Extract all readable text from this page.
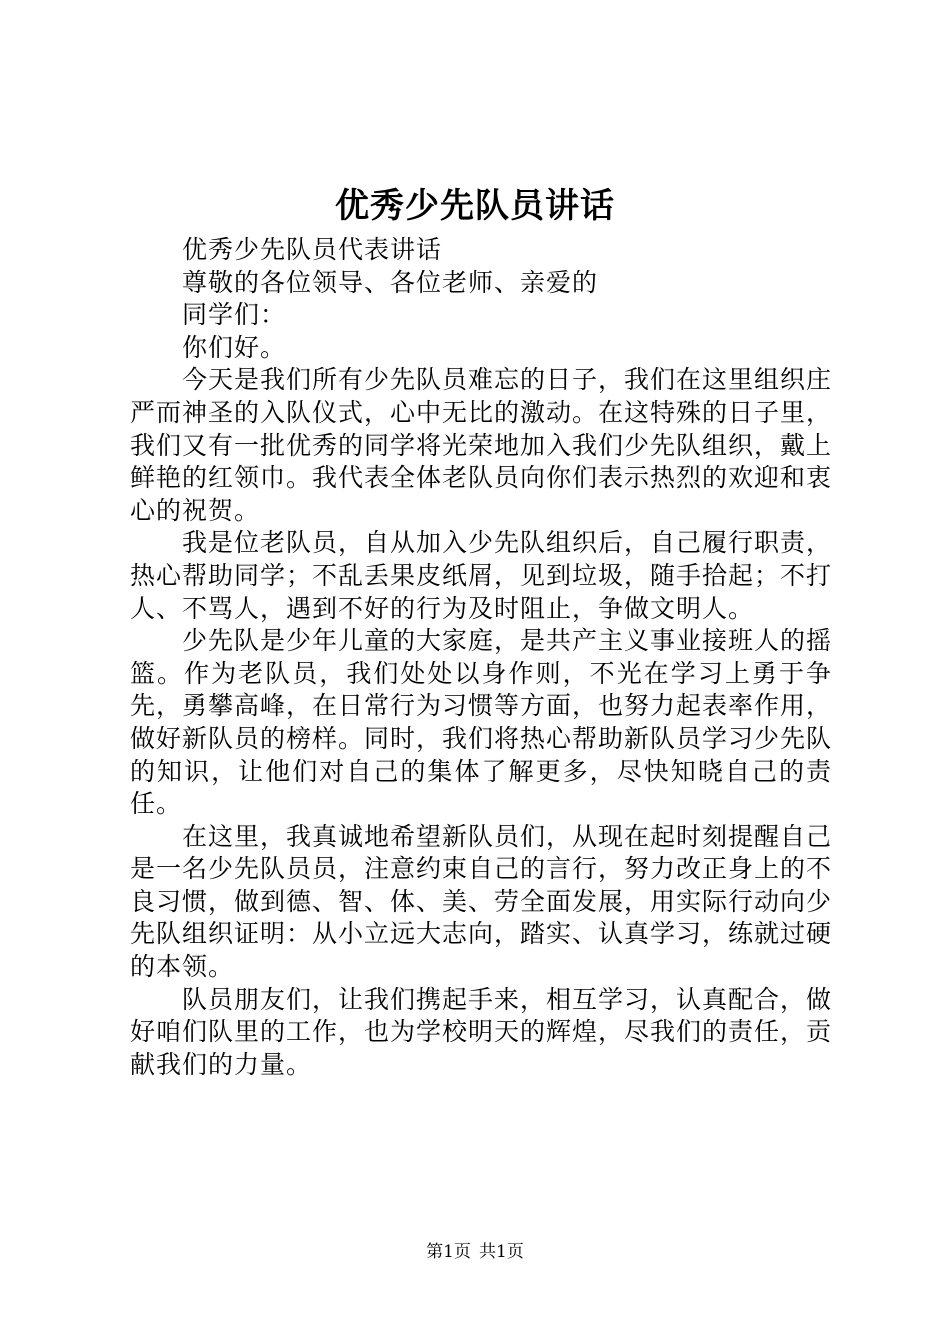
优秀少先队员讲话

优秀少先队员代表讲话

尊敬的各位领导、各位老师、亲爱的

同学们：

你们好。

今天是我们所有少先队员难忘的日子，我们在这里组织庄严而神圣的入队仪式，心中无比的激动。在这特殊的日子里，我们又有一批优秀的同学将光荣地加入我们少先队组织，戴上鲜艳的红领巾。我代表全体老队员向你们表示热烈的欢迎和衷心的祝贺。

我是位老队员，自从加入少先队组织后，自己履行职责，热心帮助同学；不乱丢果皮纸屑，见到垃圾，随手拾起；不打人、不骂人，遇到不好的行为及时阻止，争做文明人。

少先队是少年儿童的大家庭，是共产主义事业接班人的摇篮。作为老队员，我们处处以身作则，不光在学习上勇于争先，勇攀高峰，在日常行为习惯等方面，也努力起表率作用，做好新队员的榜样。同时，我们将热心帮助新队员学习少先队的知识，让他们对自己的集体了解更多，尽快知晓自己的责任。

在这里，我真诚地希望新队员们，从现在起时刻提醒自己是一名少先队员员，注意约束自己的言行，努力改正身上的不良习惯，做到德、智、体、美、劳全面发展，用实际行动向少先队组织证明：从小立远大志向，踏实、认真学习，练就过硬的本领。

队员朋友们，让我们携起手来，相互学习，认真配合，做好咱们队里的工作，也为学校明天的辉煌，尽我们的责任，贡献我们的力量。

第1页 共1页
